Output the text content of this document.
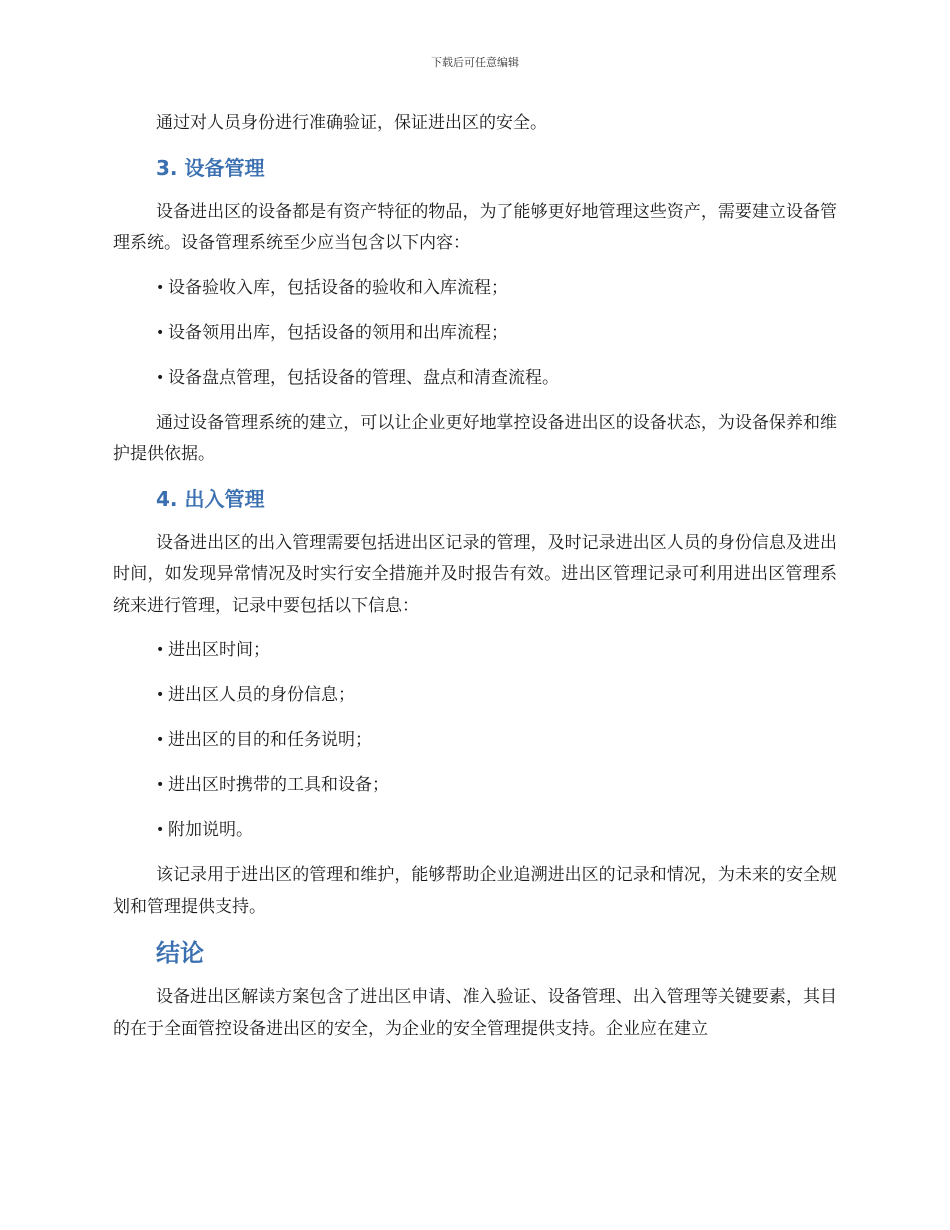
下载后可任意编辑

通过对人员身份进行准确验证，保证进出区的安全。

3. 设备管理

设备进出区的设备都是有资产特征的物品，为了能够更好地管理这些资产，需要建立设备管理系统。设备管理系统至少应当包含以下内容：

• 设备验收入库，包括设备的验收和入库流程；
• 设备领用出库，包括设备的领用和出库流程；
• 设备盘点管理，包括设备的管理、盘点和清查流程。

通过设备管理系统的建立，可以让企业更好地掌控设备进出区的设备状态，为设备保养和维护提供依据。

4. 出入管理

设备进出区的出入管理需要包括进出区记录的管理，及时记录进出区人员的身份信息及进出时间，如发现异常情况及时实行安全措施并及时报告有效。进出区管理记录可利用进出区管理系统来进行管理，记录中要包括以下信息：

• 进出区时间；
• 进出区人员的身份信息；
• 进出区的目的和任务说明；
• 进出区时携带的工具和设备；
• 附加说明。

该记录用于进出区的管理和维护，能够帮助企业追溯进出区的记录和情况，为未来的安全规划和管理提供支持。

结论

设备进出区解读方案包含了进出区申请、准入验证、设备管理、出入管理等关键要素，其目的在于全面管控设备进出区的安全，为企业的安全管理提供支持。企业应在建立
